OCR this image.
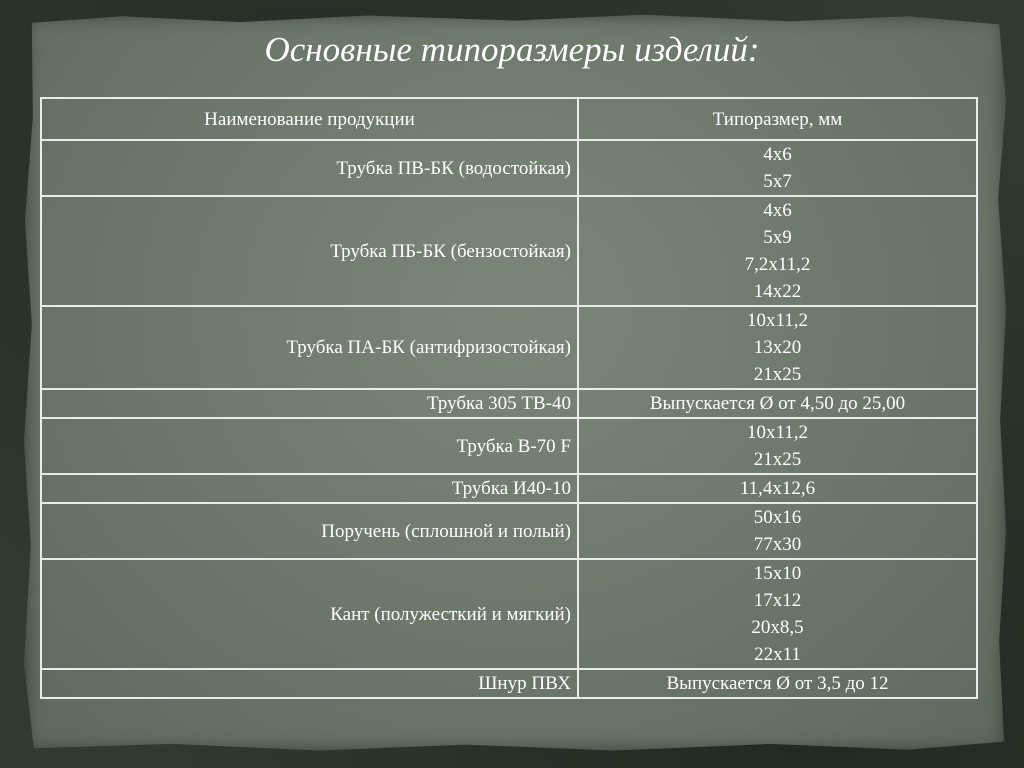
Основные типоразмеры изделий:
Наименование продукции	Типоразмер, мм
Трубка ПВ-БК (водостойкая)	4х6
5х7

Трубка ПБ-БК (бензостойкая)	4х6
5х9
7,2х11,2
14х22

Трубка ПА-БК (антифризостойкая)	10х11,2
13х20
21х25

Трубка 305 ТВ-40	Выпускается Ø от 4,50 до 25,00

Трубка В-70 F	10х11,2
21х25

Трубка И40-10	11,4х12,6

Поручень (сплошной и полый)	50х16
77х30

Кант (полужесткий и мягкий)	15х10
17х12
20х8,5
22х11

Шнур ПВХ	Выпускается Ø от 3,5 до 12
